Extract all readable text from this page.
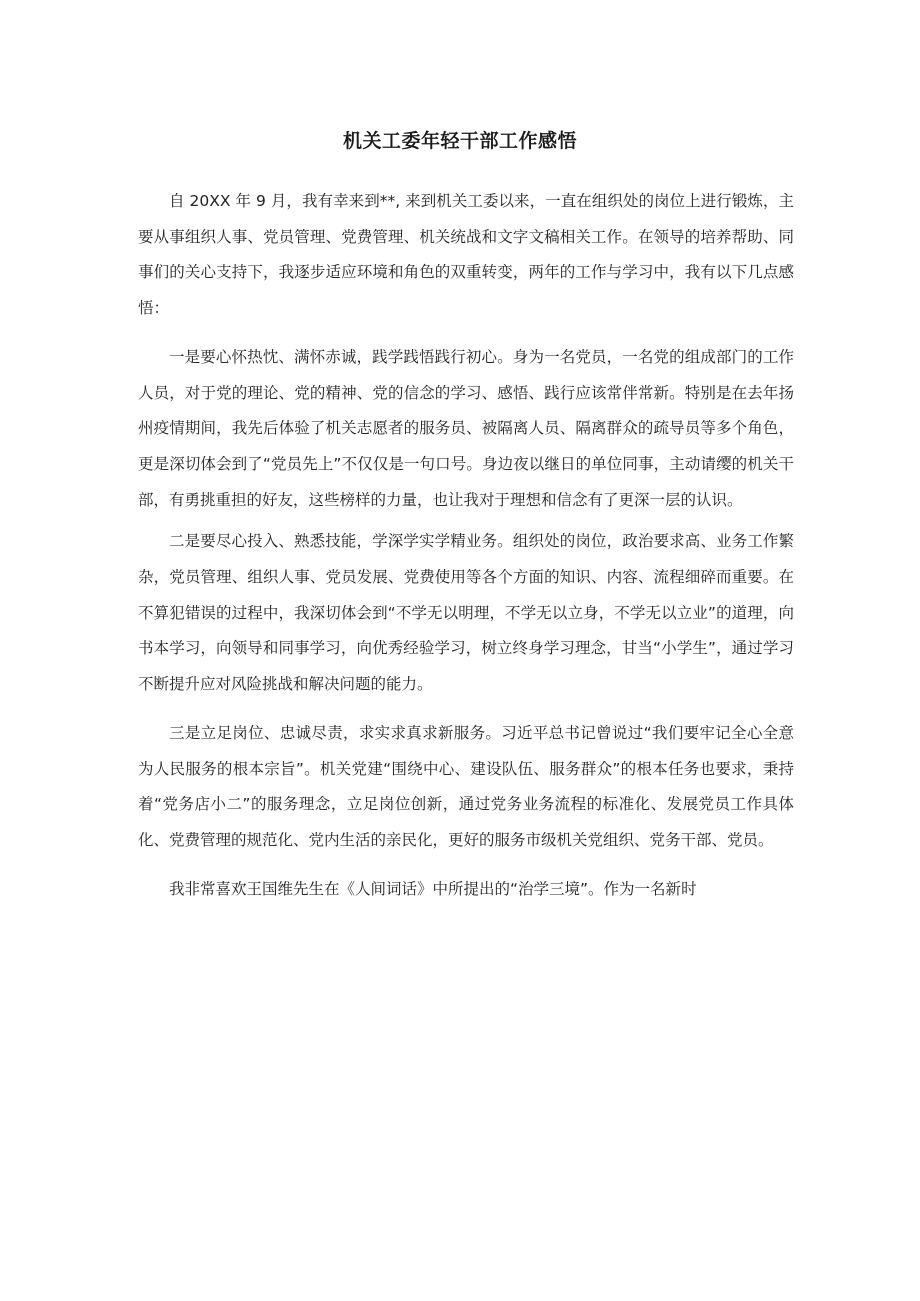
机关工委年轻干部工作感悟

自 20XX 年 9 月，我有幸来到**, 来到机关工委以来，一直在组织处的岗位上进行锻炼，主要从事组织人事、党员管理、党费管理、机关统战和文字文稿相关工作。在领导的培养帮助、同事们的关心支持下，我逐步适应环境和角色的双重转变，两年的工作与学习中，我有以下几点感悟：

一是要心怀热忱、满怀赤诚，践学践悟践行初心。身为一名党员，一名党的组成部门的工作人员，对于党的理论、党的精神、党的信念的学习、感悟、践行应该常伴常新。特别是在去年扬州疫情期间，我先后体验了机关志愿者的服务员、被隔离人员、隔离群众的疏导员等多个角色，更是深切体会到了“党员先上”不仅仅是一句口号。身边夜以继日的单位同事，主动请缨的机关干部，有勇挑重担的好友，这些榜样的力量，也让我对于理想和信念有了更深一层的认识。

二是要尽心投入、熟悉技能，学深学实学精业务。组织处的岗位，政治要求高、业务工作繁杂，党员管理、组织人事、党员发展、党费使用等各个方面的知识、内容、流程细碎而重要。在不算犯错误的过程中，我深切体会到“不学无以明理，不学无以立身，不学无以立业”的道理，向书本学习，向领导和同事学习，向优秀经验学习，树立终身学习理念，甘当“小学生”，通过学习不断提升应对风险挑战和解决问题的能力。

三是立足岗位、忠诚尽责，求实求真求新服务。习近平总书记曾说过“我们要牢记全心全意为人民服务的根本宗旨”。机关党建“围绕中心、建设队伍、服务群众”的根本任务也要求，秉持着“党务店小二”的服务理念，立足岗位创新，通过党务业务流程的标准化、发展党员工作具体化、党费管理的规范化、党内生活的亲民化，更好的服务市级机关党组织、党务干部、党员。

我非常喜欢王国维先生在《人间词话》中所提出的“治学三境”。作为一名新时
